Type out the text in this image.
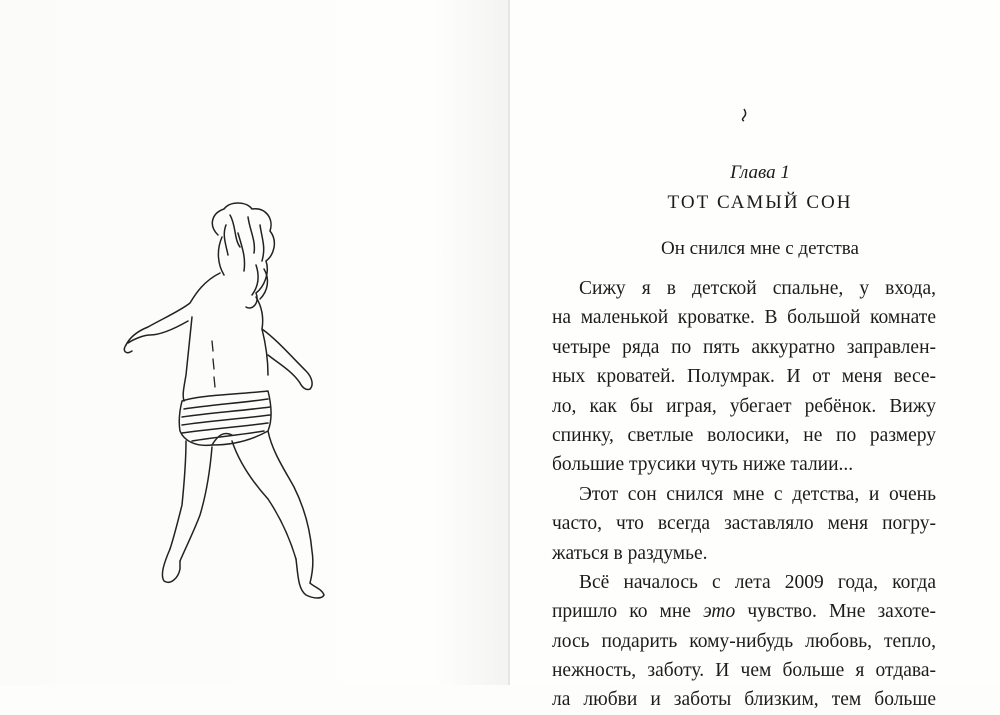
Глава 1
ТОТ САМЫЙ СОН
Он снился мне с детства
Сижу я в детской спальне, у входа,
на маленькой кроватке. В большой комнате
четыре ряда по пять аккуратно заправлен-
ных кроватей. Полумрак. И от меня весе-
ло, как бы играя, убегает ребёнок. Вижу
спинку, светлые волосики, не по размеру
большие трусики чуть ниже талии...
Этот сон снился мне с детства, и очень
часто, что всегда заставляло меня погру-
жаться в раздумье.
Всё началось с лета 2009 года, когда
пришло ко мне это чувство. Мне захоте-
лось подарить кому-нибудь любовь, тепло,
нежность, заботу. И чем больше я отдава-
ла любви и заботы близким, тем больше
